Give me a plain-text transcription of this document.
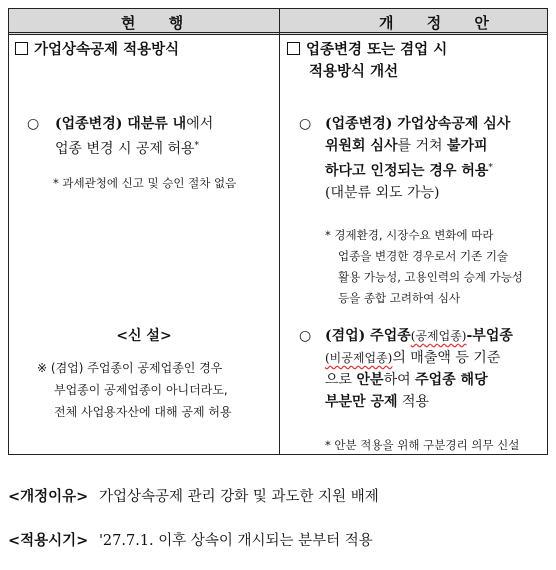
현 행	개 정 안
가업상속공제 적용방식
○ (업종변경) 대분류 내에서
업종 변경 시 공제 허용*
* 과세관청에 신고 및 승인 절차 없음
<신 설>
※ (겸업) 주업종이 공제업종인 경우
부업종이 공제업종이 아니더라도,
전체 사업용자산에 대해 공제 허용
업종변경 또는 겸업 시
적용방식 개선
○ (업종변경) 가업상속공제 심사
위원회 심사를 거쳐 불가피
하다고 인정되는 경우 허용*
(대분류 외도 가능)
* 경제환경, 시장수요 변화에 따라
업종을 변경한 경우로서 기존 기술
활용 가능성, 고용인력의 승계 가능성
등을 종합 고려하여 심사
○ (겸업) 주업종(공제업종)-부업종
(비공제업종)의 매출액 등 기준
으로 안분하여 주업종 해당
부분만 공제 적용
* 안분 적용을 위해 구분경리 의무 신설
<개정이유> 가업상속공제 관리 강화 및 과도한 지원 배제
<적용시기> '27.7.1. 이후 상속이 개시되는 분부터 적용
